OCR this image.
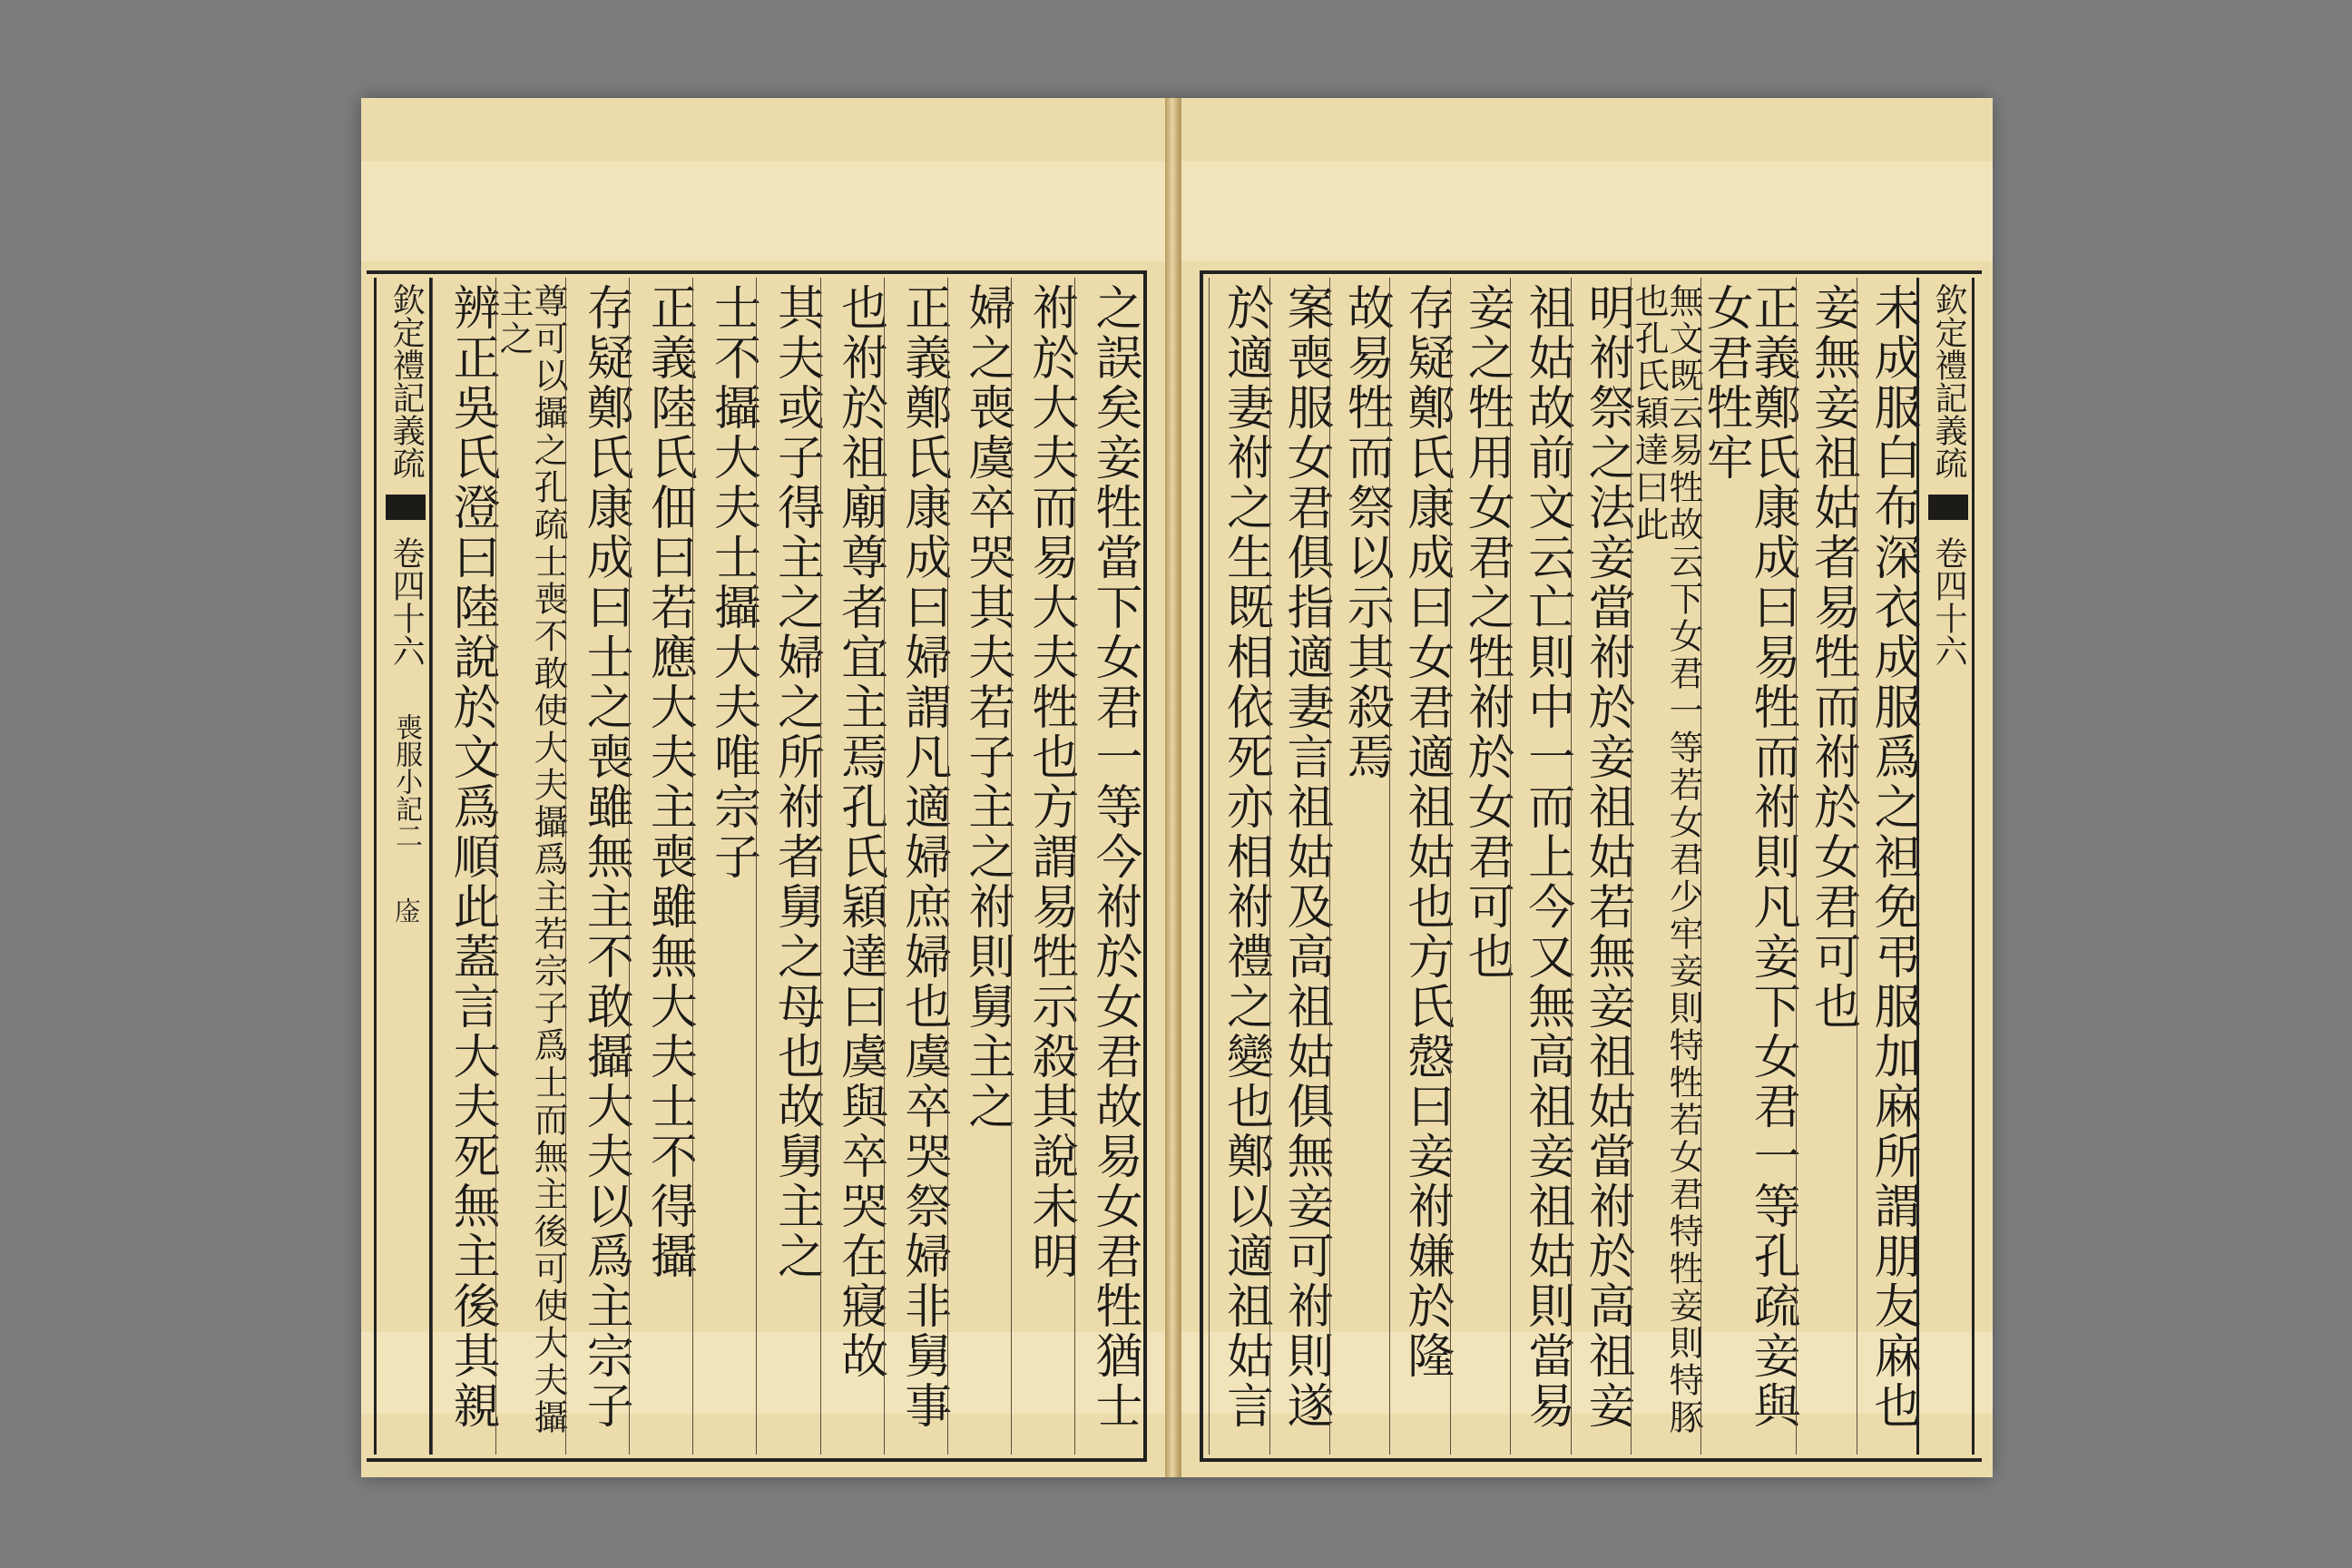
之誤矣妾牲當下女君一等今祔於女君故易女君牲猶士
祔於大夫而易大夫牲也方謂易牲示殺其說未明
婦之喪虞卒哭其夫若子主之祔則舅主之
正義鄭氏康成曰婦謂凡適婦庶婦也虞卒哭祭婦非舅事
也祔於祖廟尊者宜主焉孔氏穎達曰虞與卒哭在寢故
其夫或子得主之婦之所祔者舅之母也故舅主之
士不攝大夫士攝大夫唯宗子
正義陸氏佃曰若應大夫主喪雖無大夫士不得攝
存疑鄭氏康成曰士之喪雖無主不敢攝大夫以爲主宗子
尊可以攝之孔疏士喪不敢使大夫攝爲主若宗子爲士而無主後可使大夫攝主之
辨正吳氏澄曰陸說於文爲順此蓋言大夫死無主後其親
欽定禮記義疏  卷四十六 喪服小記二 𢉅
欽定禮記義疏  卷四十六
未成服白布深衣成服爲之袒免弔服加麻所謂朋友麻也
妾無妾祖姑者易牲而祔於女君可也
正義鄭氏康成曰易牲而祔則凡妾下女君一等孔疏妾與女君牲牢
無文既云易牲故云下女君一等若女君少牢妾則特牲若女君特牲妾則特豚也孔氏穎達曰此
明祔祭之法妾當祔於妾祖姑若無妾祖姑當祔於高祖妾
祖姑故前文云亡則中一而上今又無高祖妾祖姑則當易
妾之牲用女君之牲祔於女君可也
存疑鄭氏康成曰女君適祖姑也方氏慤曰妾祔嫌於隆
故易牲而祭以示其殺焉
案喪服女君俱指適妻言祖姑及高祖姑俱無妾可祔則遂
於適妻祔之生既相依死亦相祔禮之變也鄭以適祖姑言
